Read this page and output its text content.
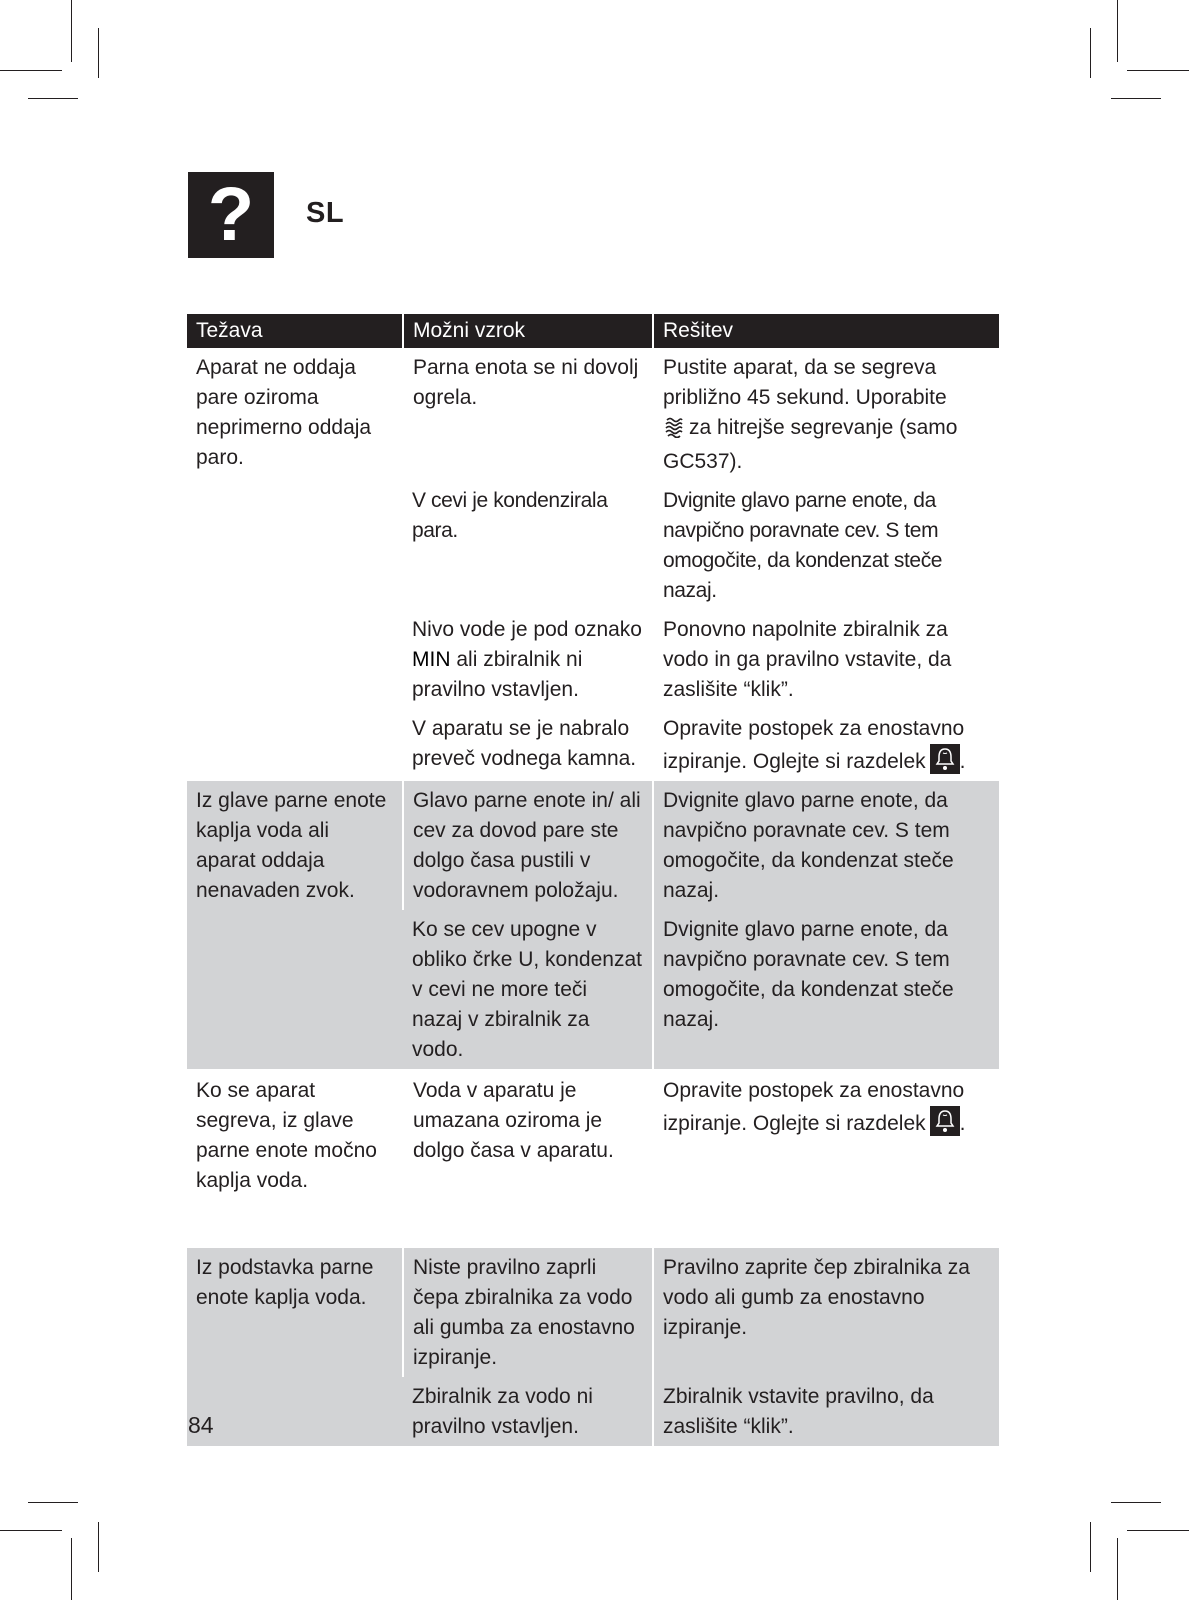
?	SL
Težava	Možni vzrok	Rešitev
Aparat ne oddaja pare oziroma neprimerno oddaja paro.	Parna enota se ni dovolj ogrela.	Pustite aparat, da se segreva približno 45 sekund. Uporabite
za hitrejše segrevanje (samo GC537).
	V cevi je kondenzirala para.	Dvignite glavo parne enote, da navpično poravnate cev. S tem omogočite, da kondenzat steče nazaj.
	Nivo vode je pod oznako MIN ali zbiralnik ni pravilno vstavljen.	Ponovno napolnite zbiralnik za vodo in ga pravilno vstavite, da zaslišite “klik”.
	V aparatu se je nabralo preveč vodnega kamna.	Opravite postopek za enostavno izpiranje. Oglejte si razdelek .
Iz glave parne enote kaplja voda ali aparat oddaja nenavaden zvok.	Glavo parne enote in/ ali cev za dovod pare ste dolgo časa pustili v vodoravnem položaju.	Dvignite glavo parne enote, da navpično poravnate cev. S tem omogočite, da kondenzat steče nazaj.
	Ko se cev upogne v obliko črke U, kondenzat v cevi ne more teči nazaj v zbiralnik za vodo.	Dvignite glavo parne enote, da navpično poravnate cev. S tem omogočite, da kondenzat steče nazaj.
Ko se aparat segreva, iz glave parne enote močno kaplja voda.	Voda v aparatu je umazana oziroma je dolgo časa v aparatu.	Opravite postopek za enostavno izpiranje. Oglejte si razdelek .

Iz podstavka parne enote kaplja voda.	Niste pravilno zaprli čepa zbiralnika za vodo ali gumba za enostavno izpiranje.	Pravilno zaprite čep zbiralnika za vodo ali gumb za enostavno izpiranje.
	Zbiralnik za vodo ni pravilno vstavljen.	Zbiralnik vstavite pravilno, da zaslišite “klik”.
84
